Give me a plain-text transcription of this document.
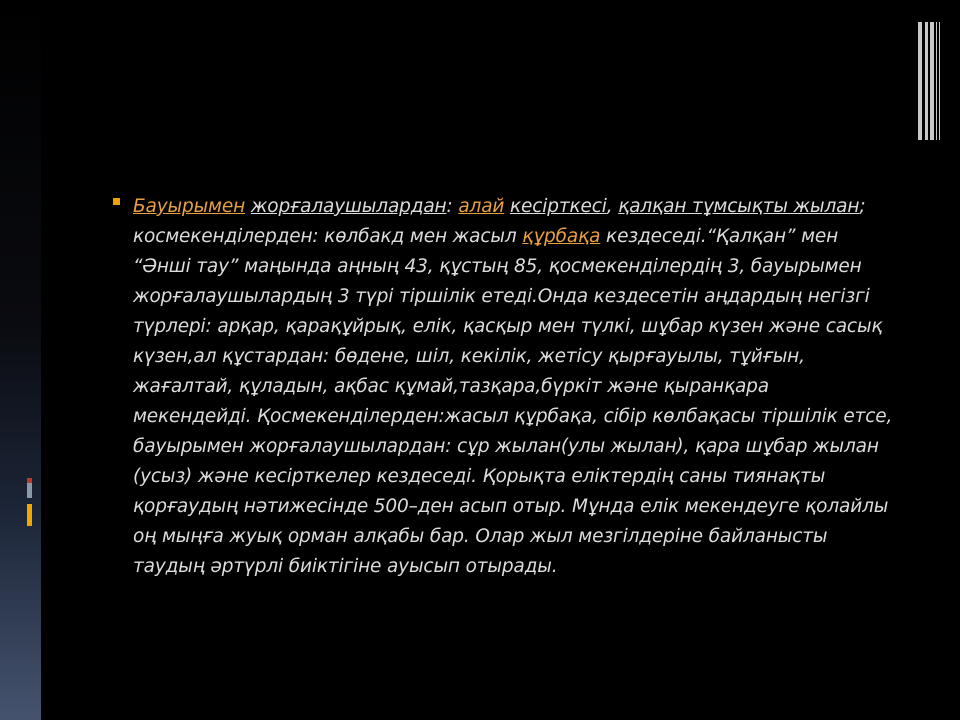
Бауырымен жорғалаушылардан: алай кесірткесі, қалқан тұмсықты жылан; космекенділерден: көлбакд мен жасыл құрбақа кездеседі.“Қалқан” мен “Әнші тау” маңында аңның 43, құстың 85, қосмекенділердің 3, бауырымен жорғалаушылардың 3 түрі тіршілік етеді.Онда кездесетін аңдардың негізгі түрлері: арқар, қарақұйрық, елік, қасқыр мен түлкі, шұбар күзен және сасық күзен,ал құстардан: бөдене, шіл, кекілік, жетісу қырғауылы, тұйғын, жағалтай, құладын, ақбас құмай,тазқара,бүркіт және қыранқара мекендейді. Қосмекенділерден:жасыл құрбақа, сібір көлбақасы тіршілік етсе, бауырымен жорғалаушылардан: сұр жылан(улы жылан), қара шұбар жылан (усыз) және кесірткелер кездеседі. Қорықта еліктердің саны тиянақты қорғаудың нәтижесінде 500–ден асып отыр. Мұнда елік мекендеуге қолайлы оң мыңға жуық орман алқабы бар. Олар жыл мезгілдеріне байланысты таудың әртүрлі биіктігіне ауысып отырады.
